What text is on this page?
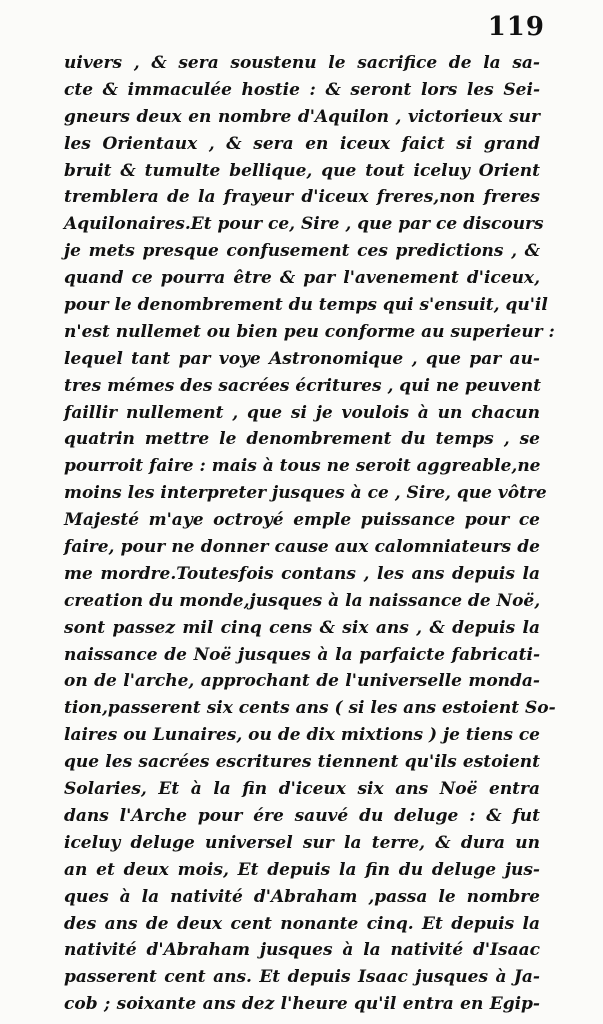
119
uivers , & sera soustenu le sacrifice de la sa-
cte & immaculée hostie : & seront lors les Sei-
gneurs deux en nombre d'Aquilon , victorieux sur
les Orientaux , & sera en iceux faict si grand
bruit & tumulte bellique, que tout iceluy Orient
tremblera de la frayeur d'iceux freres,non freres
Aquilonaires.Et pour ce, Sire , que par ce discours
je mets presque confusement ces predictions , &
quand ce pourra être & par l'avenement d'iceux,
pour le denombrement du temps qui s'ensuit, qu'il
n'est nullemet ou bien peu conforme au superieur :
lequel tant par voye Astronomique , que par au-
tres mémes des sacrées écritures , qui ne peuvent
faillir nullement , que si je voulois à un chacun
quatrin mettre le denombrement du temps , se
pourroit faire : mais à tous ne seroit aggreable,ne
moins les interpreter jusques à ce , Sire, que vôtre
Majesté m'aye octroyé emple puissance pour ce
faire, pour ne donner cause aux calomniateurs de
me mordre.Toutesfois contans , les ans depuis la
creation du monde,jusques à la naissance de Noë,
sont passez mil cinq cens & six ans , & depuis la
naissance de Noë jusques à la parfaicte fabricati-
on de l'arche, approchant de l'universelle monda-
tion,passerent six cents ans ( si les ans estoient So-
laires ou Lunaires, ou de dix mixtions ) je tiens ce
que les sacrées escritures tiennent qu'ils estoient
Solaries, Et à la fin d'iceux six ans Noë entra
dans l'Arche pour ére sauvé du deluge : & fut
iceluy deluge universel sur la terre, & dura un
an et deux mois, Et depuis la fin du deluge jus-
ques à la nativité d'Abraham ,passa le nombre
des ans de deux cent nonante cinq. Et depuis la
nativité d'Abraham jusques à la nativité d'Isaac
passerent cent ans. Et depuis Isaac jusques à Ja-
cob ; soixante ans dez l'heure qu'il entra en Egip-
